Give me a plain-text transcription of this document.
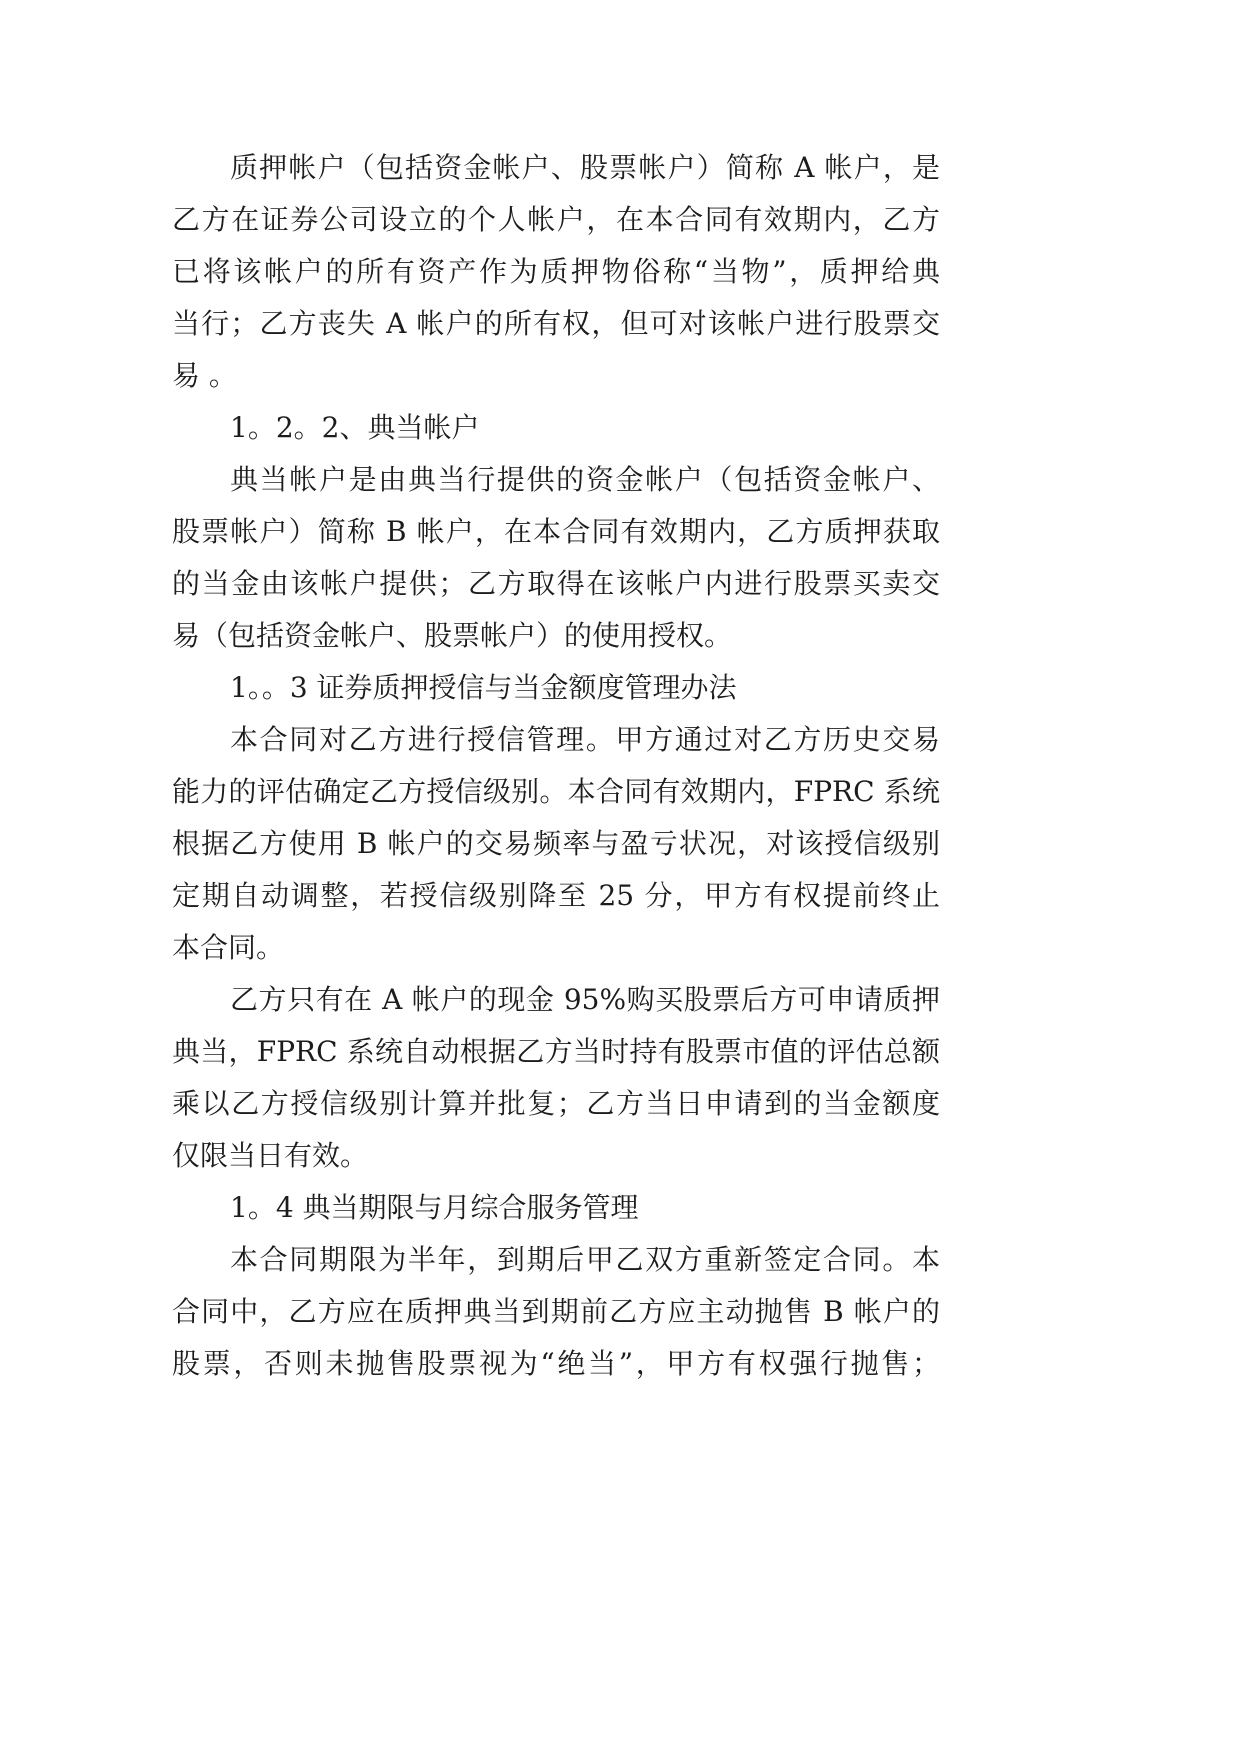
质押帐户（包括资金帐户、股票帐户）简称 A 帐户，是
乙方在证券公司设立的个人帐户，在本合同有效期内，乙方
已将该帐户的所有资产作为质押物俗称“当物”，质押给典
当行；乙方丧失 A 帐户的所有权，但可对该帐户进行股票交
易 。
1。2。2、典当帐户
典当帐户是由典当行提供的资金帐户（包括资金帐户、
股票帐户）简称 B 帐户，在本合同有效期内，乙方质押获取
的当金由该帐户提供；乙方取得在该帐户内进行股票买卖交
易（包括资金帐户、股票帐户）的使用授权。
1。。3 证券质押授信与当金额度管理办法
本合同对乙方进行授信管理。甲方通过对乙方历史交易
能力的评估确定乙方授信级别。本合同有效期内，FPRC 系统
根据乙方使用 B 帐户的交易频率与盈亏状况，对该授信级别
定期自动调整，若授信级别降至 25 分，甲方有权提前终止
本合同。
乙方只有在 A 帐户的现金 95%购买股票后方可申请质押
典当，FPRC 系统自动根据乙方当时持有股票市值的评估总额
乘以乙方授信级别计算并批复；乙方当日申请到的当金额度
仅限当日有效。
1。4 典当期限与月综合服务管理
本合同期限为半年，到期后甲乙双方重新签定合同。本
合同中，乙方应在质押典当到期前乙方应主动抛售 B 帐户的
股票，否则未抛售股票视为“绝当”，甲方有权强行抛售；
